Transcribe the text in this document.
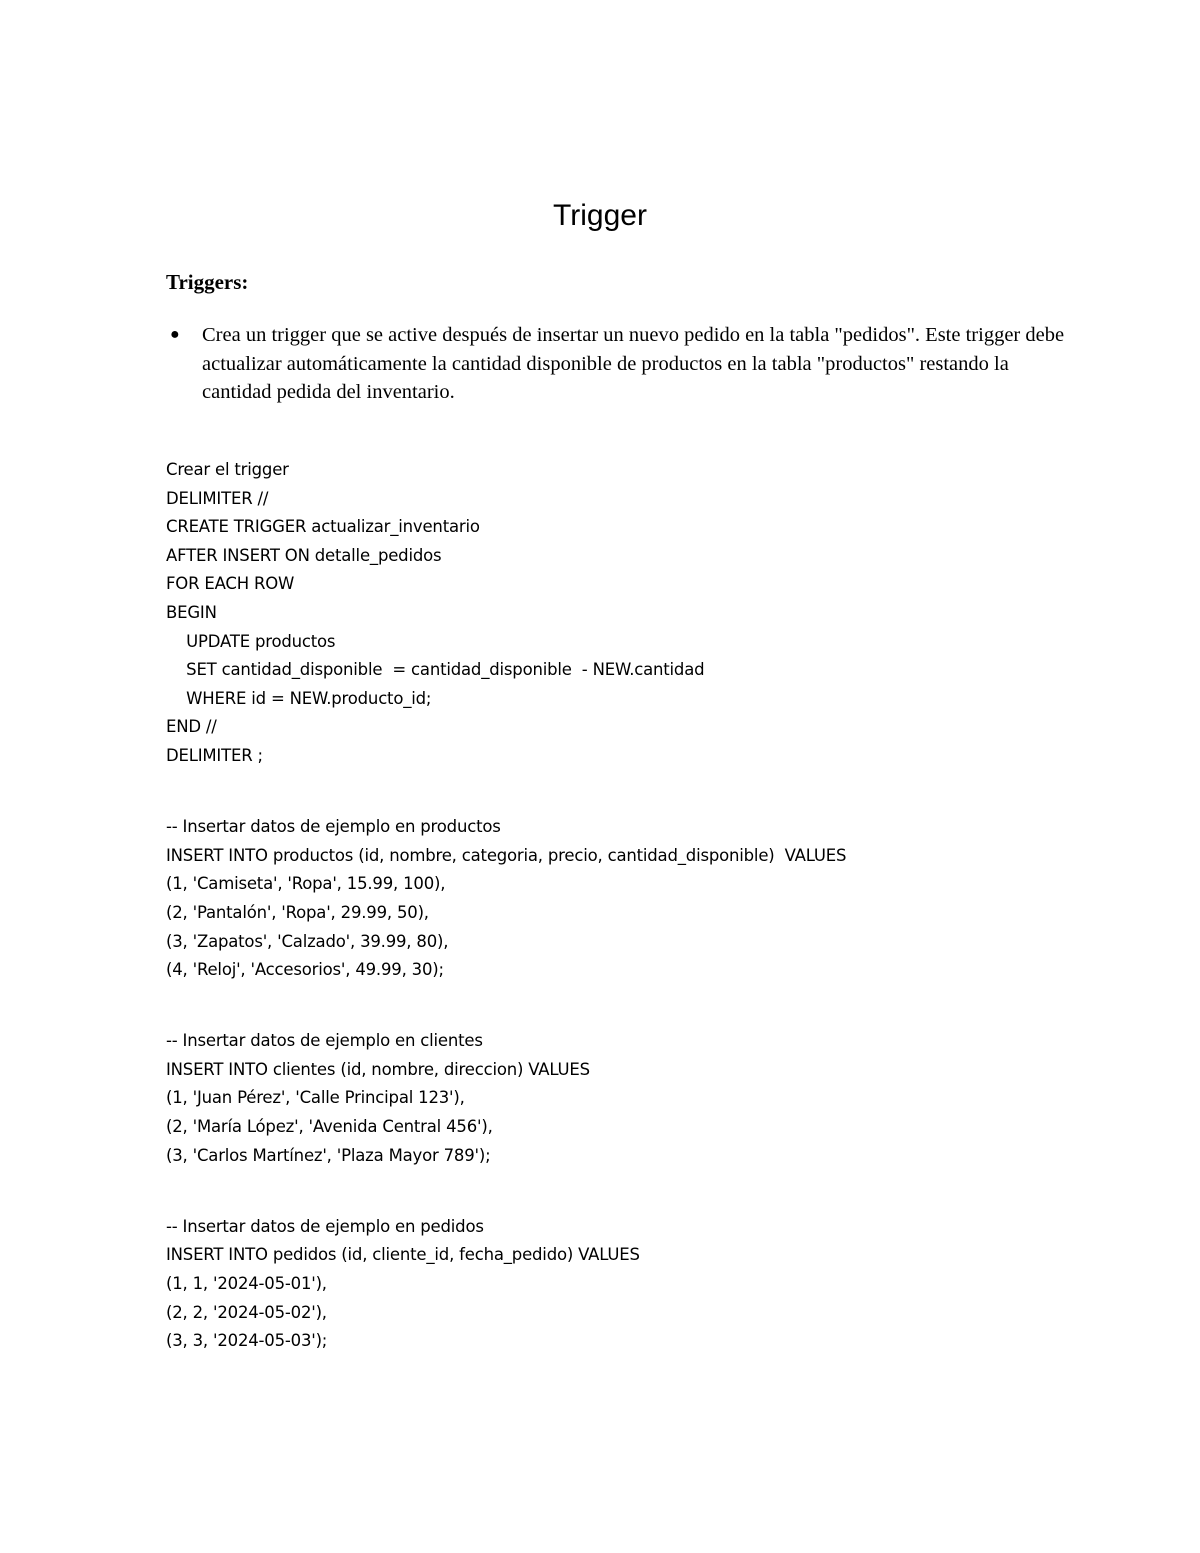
Trigger
Triggers:
● Crea un trigger que se active después de insertar un nuevo pedido en la tabla "pedidos". Este trigger debe actualizar automáticamente la cantidad disponible de productos en la tabla "productos" restando la cantidad pedida del inventario.
Crear el trigger
DELIMITER //
CREATE TRIGGER actualizar_inventario
AFTER INSERT ON detalle_pedidos
FOR EACH ROW
BEGIN
UPDATE productos
SET cantidad_disponible  = cantidad_disponible  - NEW.cantidad
WHERE id = NEW.producto_id;
END //
DELIMITER ;
-- Insertar datos de ejemplo en productos
INSERT INTO productos (id, nombre, categoria, precio, cantidad_disponible)  VALUES
(1, 'Camiseta', 'Ropa', 15.99, 100),
(2, 'Pantalón', 'Ropa', 29.99, 50),
(3, 'Zapatos', 'Calzado', 39.99, 80),
(4, 'Reloj', 'Accesorios', 49.99, 30);
-- Insertar datos de ejemplo en clientes
INSERT INTO clientes (id, nombre, direccion) VALUES
(1, 'Juan Pérez', 'Calle Principal 123'),
(2, 'María López', 'Avenida Central 456'),
(3, 'Carlos Martínez', 'Plaza Mayor 789');
-- Insertar datos de ejemplo en pedidos
INSERT INTO pedidos (id, cliente_id, fecha_pedido) VALUES
(1, 1, '2024-05-01'),
(2, 2, '2024-05-02'),
(3, 3, '2024-05-03');
